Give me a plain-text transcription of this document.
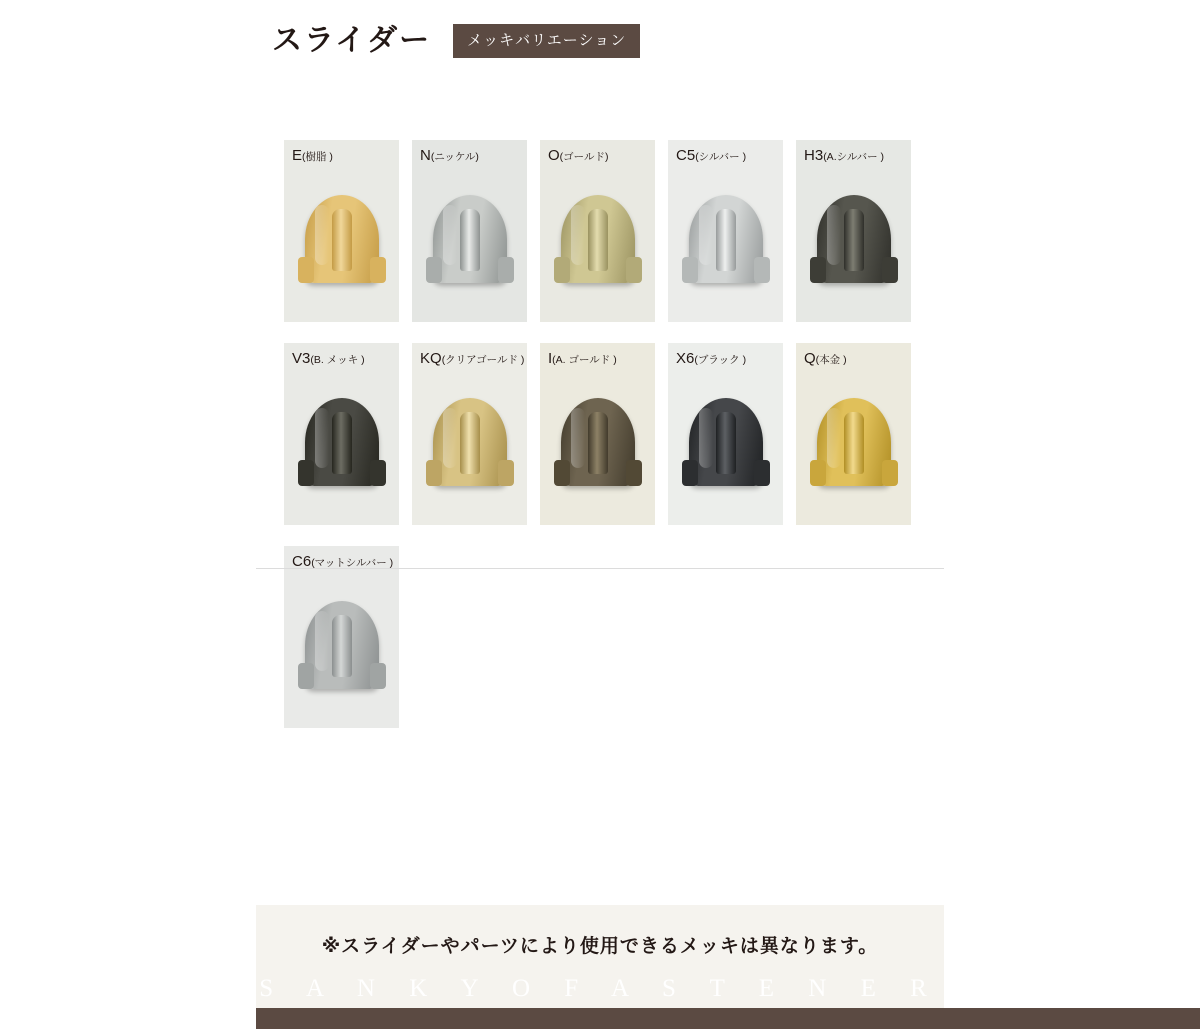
スライダー	メッキバリエーション
E(樹脂 )	N(ニッケル)	O(ゴールド)	C5(シルバー )	H3(A.シルバー )
V3(B. メッキ )	KQ(クリアゴールド ) I(A. ゴールド )	X6(ブラック )	Q(本金 )
C6(マットシルバー )
※スライダーやパーツにより使用できるメッキは異なります。
S A N K Y O F A S T E N E R
